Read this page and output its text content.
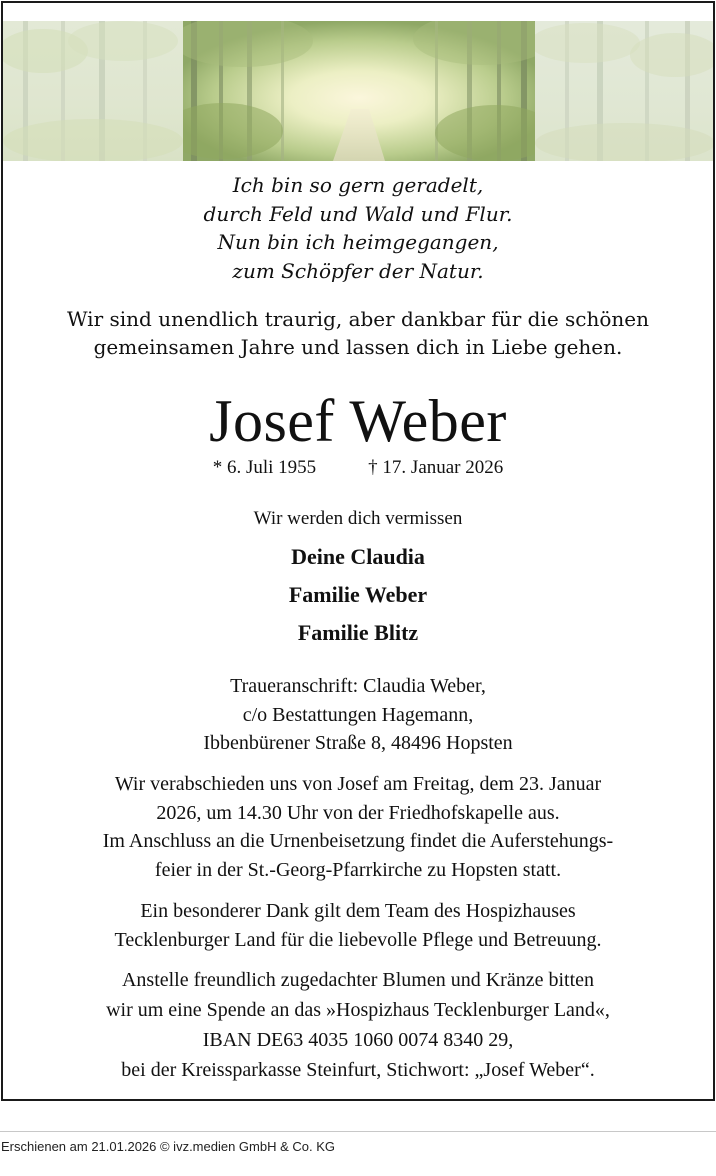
Ich bin so gern geradelt,
durch Feld und Wald und Flur.
Nun bin ich heimgegangen,
zum Schöpfer der Natur.
Wir sind unendlich traurig, aber dankbar für die schönen
gemeinsamen Jahre und lassen dich in Liebe gehen.
Josef Weber
* 6. Juli 1955	† 17. Januar 2026
Wir werden dich vermissen
Deine Claudia
Familie Weber
Familie Blitz
Traueranschrift: Claudia Weber,
c/o Bestattungen Hagemann,
Ibbenbürener Straße 8, 48496 Hopsten
Wir verabschieden uns von Josef am Freitag, dem 23. Januar
2026, um 14.30 Uhr von der Friedhofskapelle aus.
Im Anschluss an die Urnenbeisetzung findet die Auferstehungs-
feier in der St.-Georg-Pfarrkirche zu Hopsten statt.
Ein besonderer Dank gilt dem Team des Hospizhauses
Tecklenburger Land für die liebevolle Pflege und Betreuung.
Anstelle freundlich zugedachter Blumen und Kränze bitten
wir um eine Spende an das »Hospizhaus Tecklenburger Land«,
IBAN DE63 4035 1060 0074 8340 29,
bei der Kreissparkasse Steinfurt, Stichwort: „Josef Weber“.
Erschienen am 21.01.2026 © ivz.medien GmbH & Co. KG
